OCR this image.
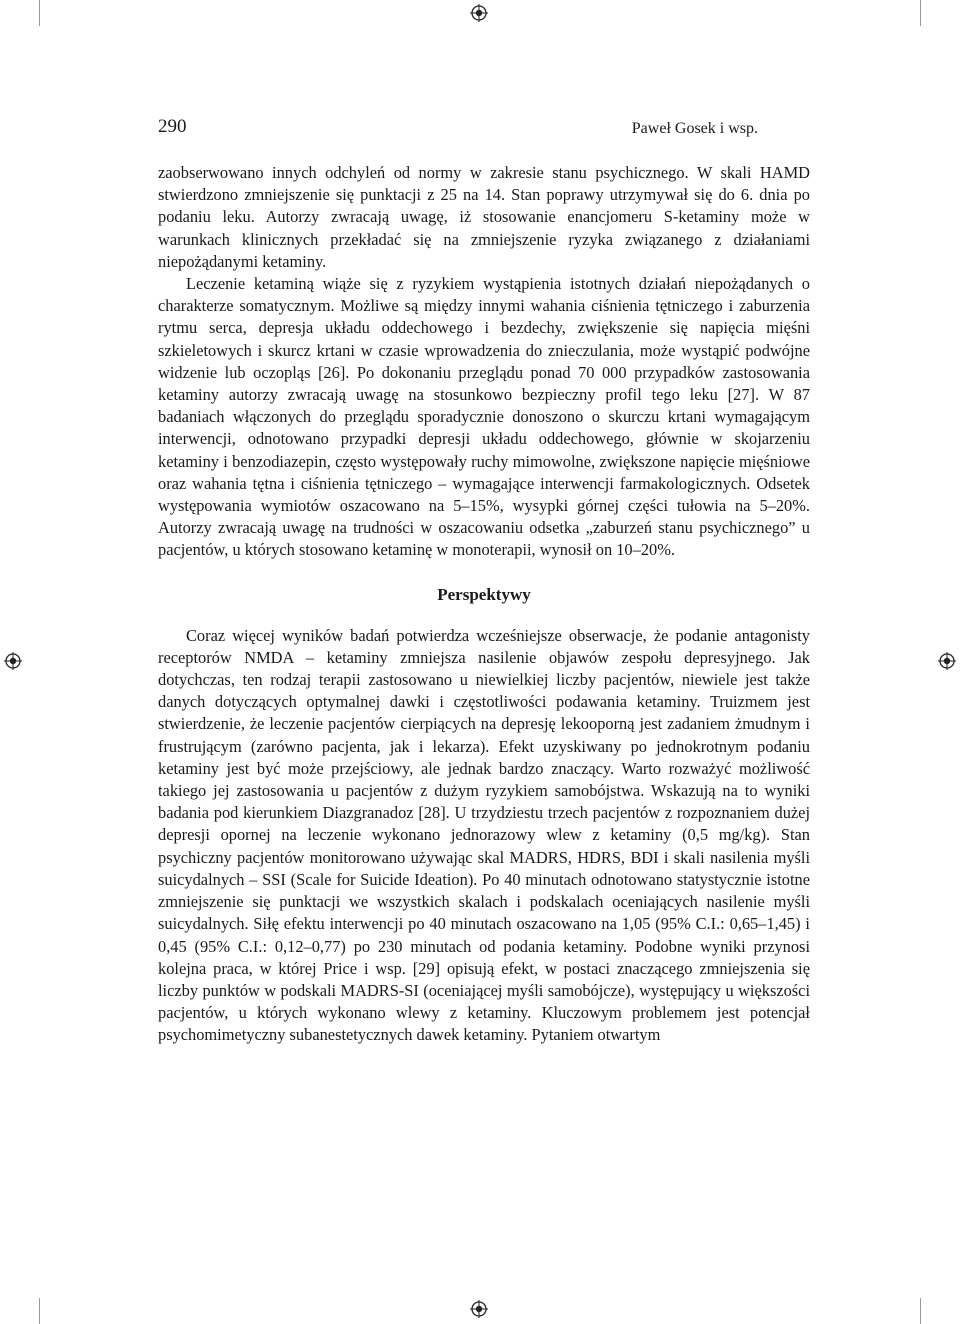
290	Paweł Gosek i wsp.

zaobserwowano innych odchyleń od normy w zakresie stanu psychicznego. W skali HAMD stwierdzono zmniejszenie się punktacji z 25 na 14. Stan poprawy utrzymywał się do 6. dnia po podaniu leku. Autorzy zwracają uwagę, iż stosowanie enancjomeru S-ketaminy może w warunkach klinicznych przekładać się na zmniejszenie ryzyka związanego z działaniami niepożądanymi ketaminy.

Leczenie ketaminą wiąże się z ryzykiem wystąpienia istotnych działań niepożądanych o charakterze somatycznym. Możliwe są między innymi wahania ciśnienia tętniczego i zaburzenia rytmu serca, depresja układu oddechowego i bezdechy, zwiększenie się napięcia mięśni szkieletowych i skurcz krtani w czasie wprowadzenia do znieczulania, może wystąpić podwójne widzenie lub oczopląs [26]. Po dokonaniu przeglądu ponad 70 000 przypadków zastosowania ketaminy autorzy zwracają uwagę na stosunkowo bezpieczny profil tego leku [27]. W 87 badaniach włączonych do przeglądu sporadycznie donoszono o skurczu krtani wymagającym interwencji, odnotowano przypadki depresji układu oddechowego, głównie w skojarzeniu ketaminy i benzodiazepin, często występowały ruchy mimowolne, zwiększone napięcie mięśniowe oraz wahania tętna i ciśnienia tętniczego – wymagające interwencji farmakologicznych. Odsetek występowania wymiotów oszacowano na 5–15%, wysypki górnej części tułowia na 5–20%. Autorzy zwracają uwagę na trudności w oszacowaniu odsetka „zaburzeń stanu psychicznego” u pacjentów, u których stosowano ketaminę w monoterapii, wynosił on 10–20%.

Perspektywy

Coraz więcej wyników badań potwierdza wcześniejsze obserwacje, że podanie antagonisty receptorów NMDA – ketaminy zmniejsza nasilenie objawów zespołu depresyjnego. Jak dotychczas, ten rodzaj terapii zastosowano u niewielkiej liczby pacjentów, niewiele jest także danych dotyczących optymalnej dawki i częstotliwości podawania ketaminy. Truizmem jest stwierdzenie, że leczenie pacjentów cierpiących na depresję lekooporną jest zadaniem żmudnym i frustrującym (zarówno pacjenta, jak i lekarza). Efekt uzyskiwany po jednokrotnym podaniu ketaminy jest być może przejściowy, ale jednak bardzo znaczący. Warto rozważyć możliwość takiego jej zastosowania u pacjentów z dużym ryzykiem samobójstwa. Wskazują na to wyniki badania pod kierunkiem Diazgranadoz [28]. U trzydziestu trzech pacjentów z rozpoznaniem dużej depresji opornej na leczenie wykonano jednorazowy wlew z ketaminy (0,5 mg/kg). Stan psychiczny pacjentów monitorowano używając skal MADRS, HDRS, BDI i skali nasilenia myśli suicydalnych – SSI (Scale for Suicide Ideation). Po 40 minutach odnotowano statystycznie istotne zmniejszenie się punktacji we wszystkich skalach i podskalach oceniających nasilenie myśli suicydalnych. Siłę efektu interwencji po 40 minutach oszacowano na 1,05 (95% C.I.: 0,65–1,45) i 0,45 (95% C.I.: 0,12–0,77) po 230 minutach od podania ketaminy. Podobne wyniki przynosi kolejna praca, w której Price i wsp. [29] opisują efekt, w postaci znaczącego zmniejszenia się liczby punktów w podskali MADRS-SI (oceniającej myśli samobójcze), występujący u większości pacjentów, u których wykonano wlewy z ketaminy. Kluczowym problemem jest potencjał psychomimetyczny subanestetycznych dawek ketaminy. Pytaniem otwartym
